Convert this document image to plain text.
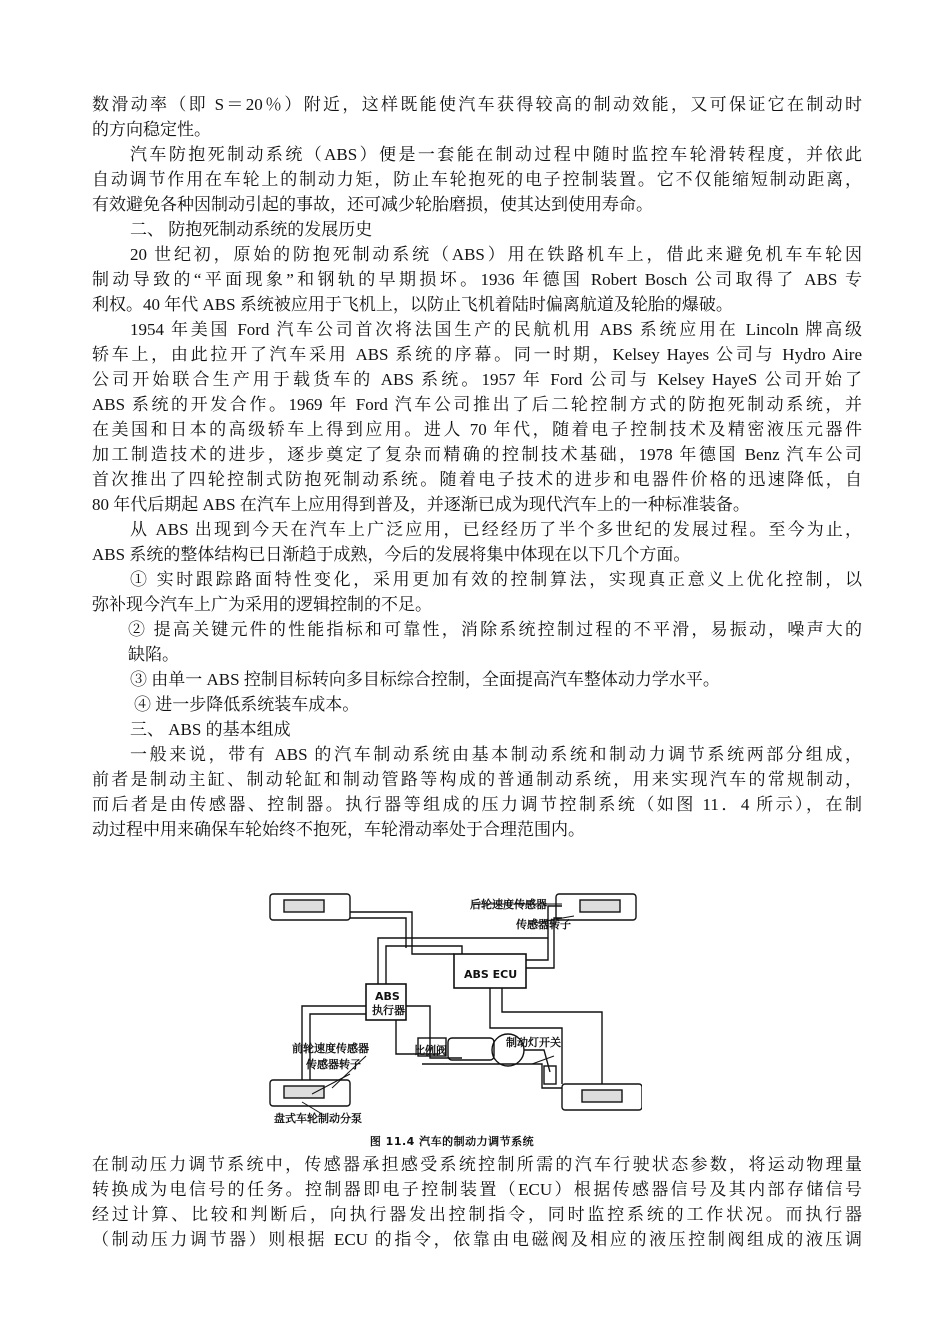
数滑动率（即 S＝20％）附近，这样既能使汽车获得较高的制动效能，又可保证它在制动时
的方向稳定性。
汽车防抱死制动系统（ABS）便是一套能在制动过程中随时监控车轮滑转程度，并依此
自动调节作用在车轮上的制动力矩，防止车轮抱死的电子控制装置。它不仅能缩短制动距离，
有效避免各种因制动引起的事故，还可减少轮胎磨损，使其达到使用寿命。
二、 防抱死制动系统的发展历史
20 世纪初，原始的防抱死制动系统（ABS）用在铁路机车上，借此来避免机车车轮因
制动导致的“平面现象”和钢轨的早期损坏。1936 年德国 Robert Bosch 公司取得了 ABS 专
利权。40 年代 ABS 系统被应用于飞机上，以防止飞机着陆时偏离航道及轮胎的爆破。
1954 年美国 Ford 汽车公司首次将法国生产的民航机用 ABS 系统应用在 Lincoln 牌高级
轿车上，由此拉开了汽车采用 ABS 系统的序幕。同一时期，Kelsey Hayes 公司与 Hydro Aire
公司开始联合生产用于载货车的 ABS 系统。1957 年 Ford 公司与 Kelsey HayeS 公司开始了
ABS 系统的开发合作。1969 年 Ford 汽车公司推出了后二轮控制方式的防抱死制动系统，并
在美国和日本的高级轿车上得到应用。进人 70 年代，随着电子控制技术及精密液压元器件
加工制造技术的进步，逐步奠定了复杂而精确的控制技术基础，1978 年德国 Benz 汽车公司
首次推出了四轮控制式防抱死制动系统。随着电子技术的进步和电器件价格的迅速降低，自
80 年代后期起 ABS 在汽车上应用得到普及，并逐渐已成为现代汽车上的一种标准装备。
从 ABS 出现到今天在汽车上广泛应用，已经经历了半个多世纪的发展过程。至今为止，
ABS 系统的整体结构已日渐趋于成熟，今后的发展将集中体现在以下几个方面。
① 实时跟踪路面特性变化，采用更加有效的控制算法，实现真正意义上优化控制，以
弥补现今汽车上广为采用的逻辑控制的不足。
② 提高关键元件的性能指标和可靠性，消除系统控制过程的不平滑，易振动，噪声大的
缺陷。
③ 由单一 ABS 控制目标转向多目标综合控制，全面提高汽车整体动力学水平。
④ 进一步降低系统装车成本。
三、 ABS 的基本组成
一般来说，带有 ABS 的汽车制动系统由基本制动系统和制动力调节系统两部分组成，
前者是制动主缸、制动轮缸和制动管路等构成的普通制动系统，用来实现汽车的常规制动，
而后者是由传感器、控制器。执行器等组成的压力调节控制系统（如图 11．4 所示），在制
动过程中用来确保车轮始终不抱死，车轮滑动率处于合理范围内。
后轮速度传感器
传感器转子
ABS ECU
ABS
执行器
前轮速度传感器	比例阀
制动灯开关
传感器转子
盘式车轮制动分泵
图 11.4 汽车的制动力调节系统
在制动压力调节系统中，传感器承担感受系统控制所需的汽车行驶状态参数，将运动物理量
转换成为电信号的任务。控制器即电子控制装置（ECU）根据传感器信号及其内部存储信号
经过计算、比较和判断后，向执行器发出控制指令，同时监控系统的工作状况。而执行器
（制动压力调节器）则根据 ECU 的指令，依靠由电磁阀及相应的液压控制阀组成的液压调
